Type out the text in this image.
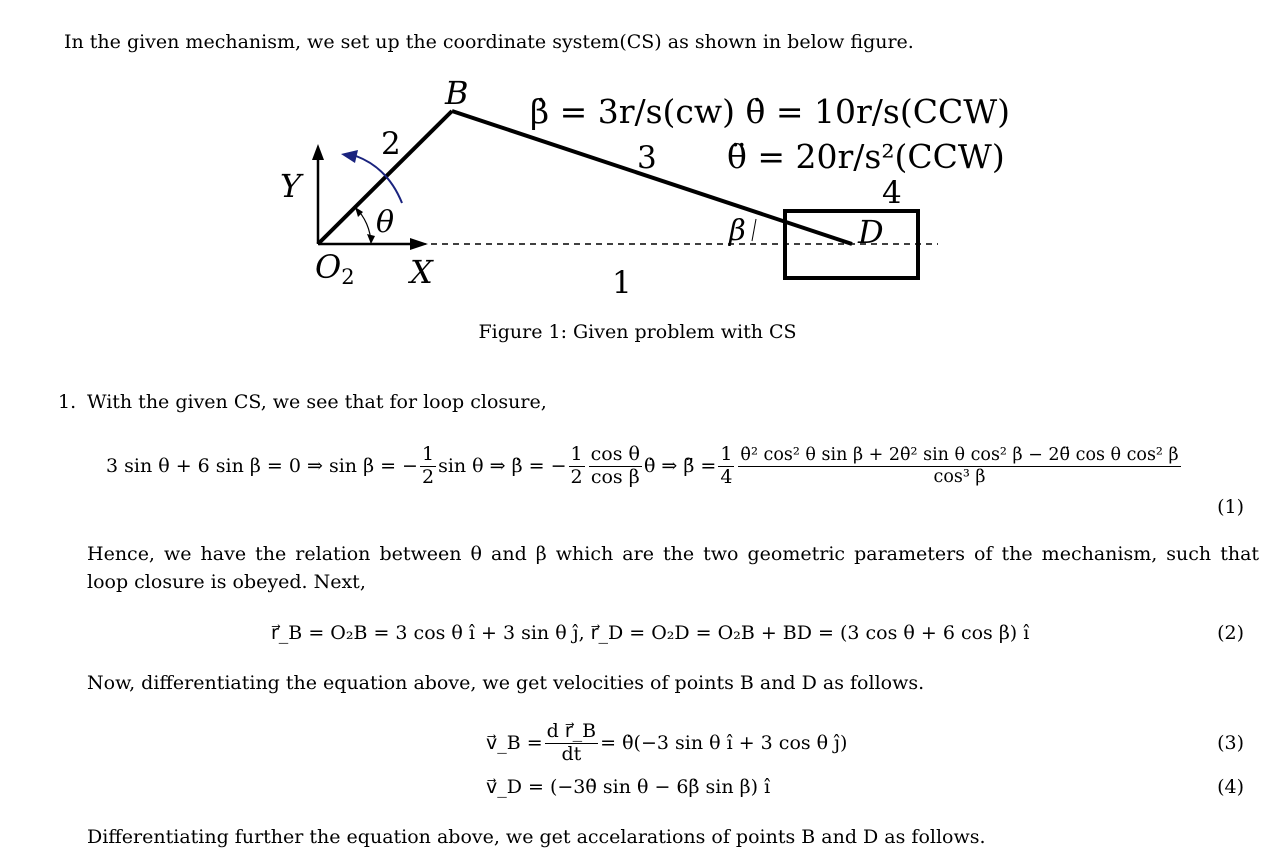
In the given mechanism, we set up the coordinate system(CS) as shown in below figure.
B
2	3
4
1
Y
X
O2
D
θ	β
β̇ = 3r/s(cw) θ̇ = 10r/s(CCW)
θ̈ = 20r/s²(CCW)
Figure 1: Given problem with CS
1. With the given CS, we see that for loop closure,
3 sin θ + 6 sin β = 0 ⇒ sin β = − $\frac{1}{2}$ sin θ ⇒ β̇ = − $\frac{1}{2} \frac{\text{cos θ}}{\text{cos β}}$ θ̇ ⇒ β̈ = $\frac{1}{4} \frac{\text{θ̇² cos² θ sin β + 2θ̇² sin θ cos² β − 2θ̈ cos θ cos² β}}{\text{cos³ β}}$
(1)
Hence, we have the relation between θ and β which are the two geometric parameters of the mechanism, such that
loop closure is obeyed. Next,
r⃗_B = O₂B = 3 cos θ î + 3 sin θ ĵ, r⃗_D = O₂D = O₂B + BD = (3 cos θ + 6 cos β) î	(2)
Now, differentiating the equation above, we get velocities of points B and D as follows.
v⃗_B = $\frac{\text{d r⃗\_B}}{dt}$ = θ̇(−3 sin θ î + 3 cos θ ĵ)	(3)
v⃗_D = (−3θ̇ sin θ − 6β̇ sin β) î	(4)
Differentiating further the equation above, we get accelarations of points B and D as follows.
